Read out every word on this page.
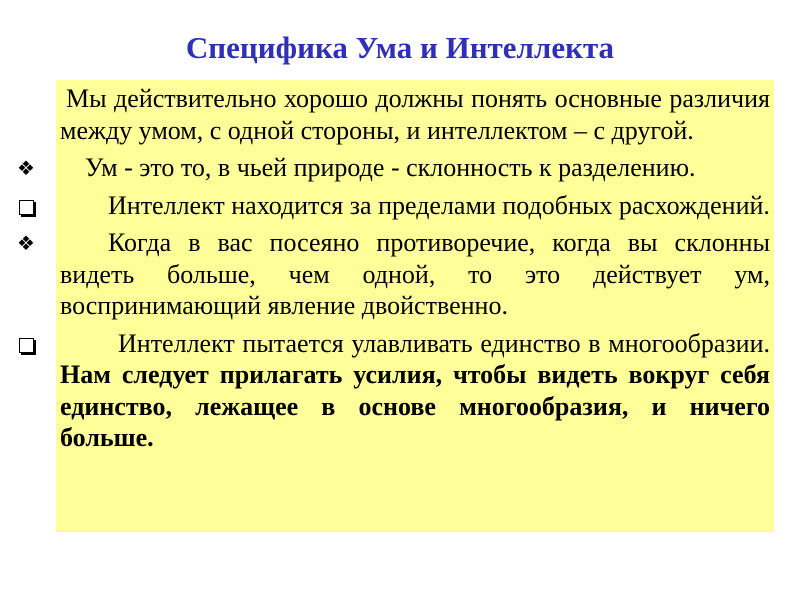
Специфика Ума и Интеллекта

Мы действительно хорошо должны понять основные различия между умом, с одной стороны, и интеллектом – с другой.

❖ Ум - это то, в чьей природе - склонность к разделению.

Интеллект находится за пределами подобных расхождений.

❖	Когда в вас посеяно противоречие, когда вы склонны видеть больше, чем одной, то это действует ум, воспринимающий явление двойственно.

Интеллект пытается улавливать единство в многообразии. Нам следует прилагать усилия, чтобы видеть вокруг себя единство, лежащее в основе многообразия, и ничего больше.
